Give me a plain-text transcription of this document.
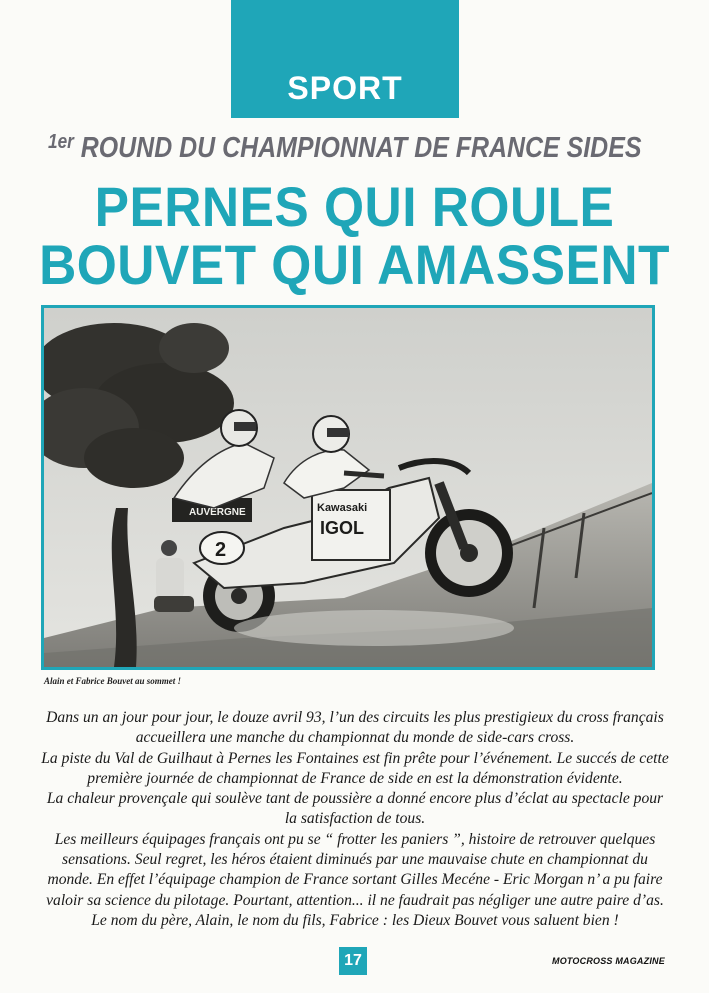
SPORT
$^{1er}$ ROUND DU CHAMPIONNAT DE FRANCE SIDES
PERNES QUI ROULE
BOUVET QUI AMASSENT
Kawasaki
IGOL
AUVERGNE
2
Alain et Fabrice Bouvet au sommet !

Dans un an jour pour jour, le douze avril 93, l’un des circuits les plus prestigieux du cross français accueillera une manche du championnat du monde de side-cars cross.

La piste du Val de Guilhaut à Pernes les Fontaines est fin prête pour l’événement. Le succés de cette première journée de championnat de France de side en est la démonstration évidente.

La chaleur provençale qui soulève tant de poussière a donné encore plus d’éclat au spectacle pour la satisfaction de tous.

Les meilleurs équipages français ont pu se “ frotter les paniers ”, histoire de retrouver quelques sensations. Seul regret, les héros étaient diminués par une mauvaise chute en championnat du monde. En effet l’équipage champion de France sortant Gilles Mecéne - Eric Morgan n’ a pu faire valoir sa science du pilotage. Pourtant, attention... il ne faudrait pas négliger une autre paire d’as. Le nom du père, Alain, le nom du fils, Fabrice : les Dieux Bouvet vous saluent bien !

17	MOTOCROSS MAGAZINE
